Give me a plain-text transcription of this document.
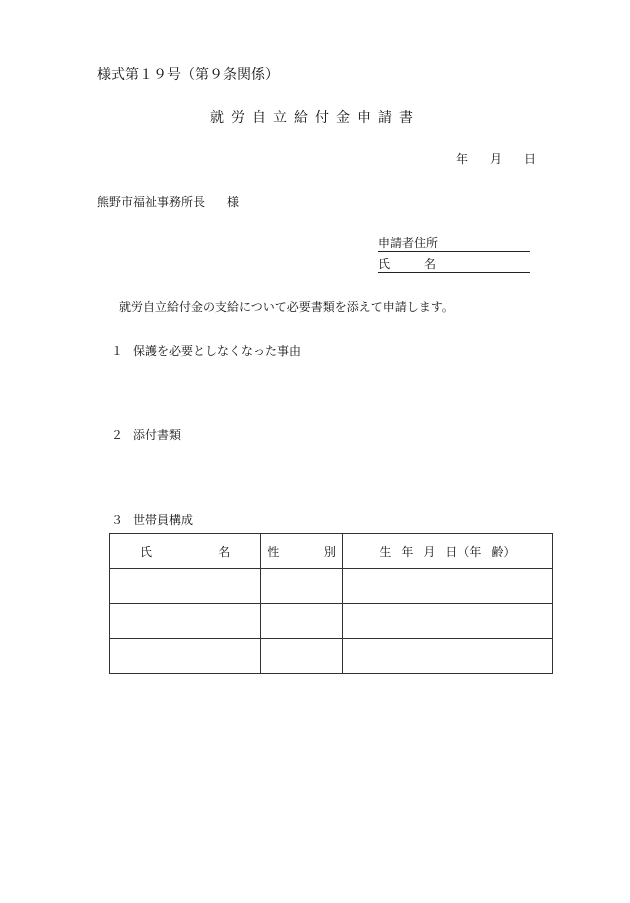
様式第１９号（第９条関係）
就労自立給付金申請書
年 月 日
熊野市福祉事務所長 様
申請者住所
氏	名
就労自立給付金の支給について必要書類を添えて申請します。
１ 保護を必要としなくなった事由
２ 添付書類
３ 世帯員構成
氏 名	性 別	生 年 月 日（年 齢）
